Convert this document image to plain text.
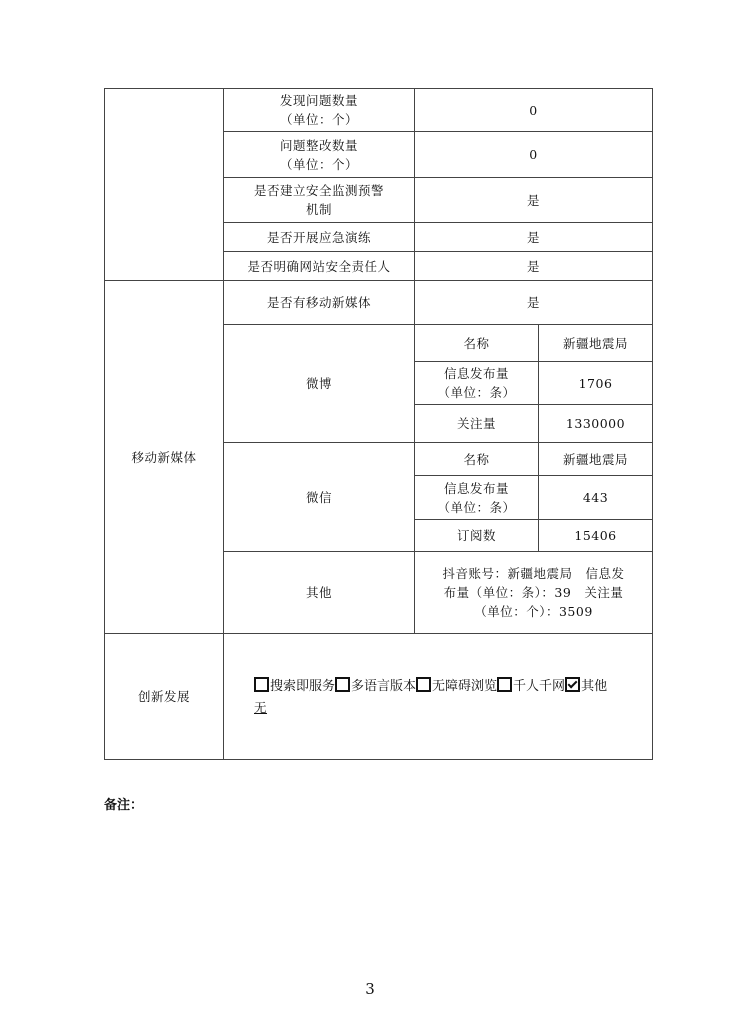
	发现问题数量
（单位：个）	0	
	问题整改数量
（单位：个）	0	
	是否建立安全监测预警
机制	是	
	是否开展应急演练	是	
	是否明确网站安全责任人	是	
移动新媒体	是否有移动新媒体	是	
	微博	名称	新疆地震局
		信息发布量
（单位：条）	1706
		关注量	1330000
	微信	名称	新疆地震局
		信息发布量
（单位：条）	443
		订阅数	15406
	其他	抖音账号：新疆地震局　信息发
布量（单位：条）：39　关注量
（单位：个）：3509	
创新发展	搜索即服务 多语言版本 无障碍浏览 千人千网 其他
无		
备注：
3
